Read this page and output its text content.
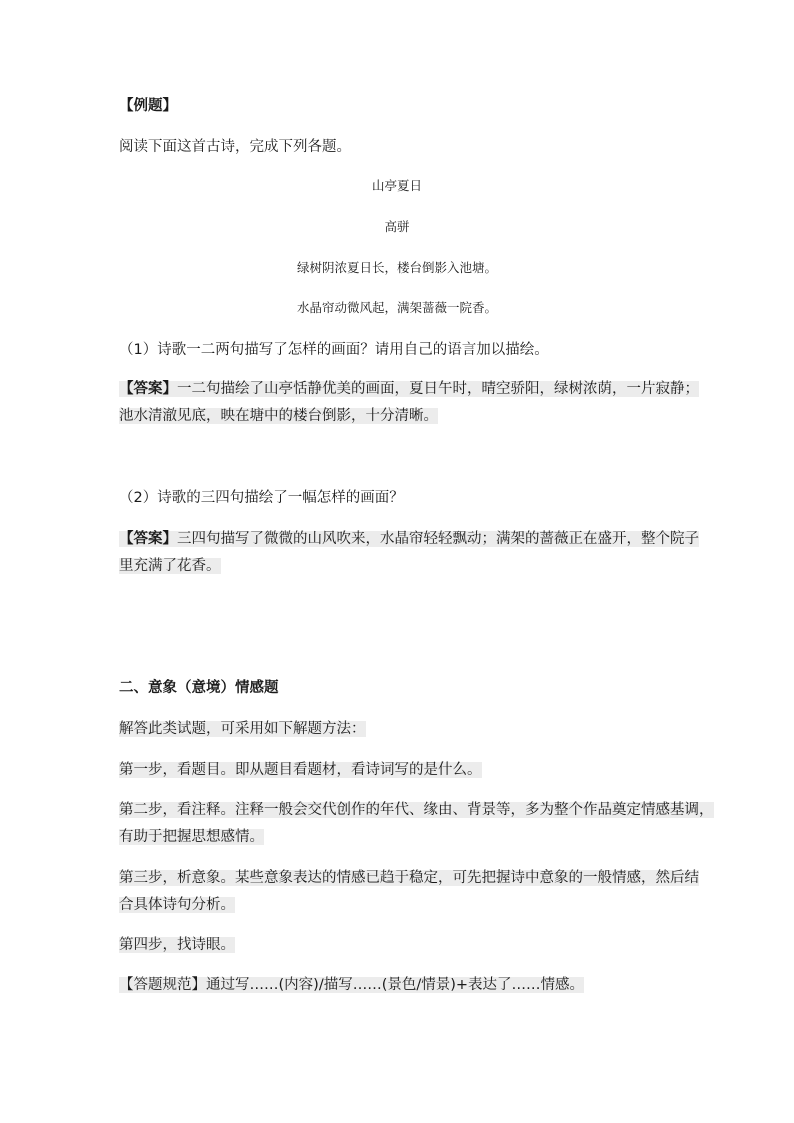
【例题】
阅读下面这首古诗，完成下列各题。
山亭夏日
高骈
绿树阴浓夏日长，楼台倒影入池塘。
水晶帘动微风起，满架蔷薇一院香。
（1）诗歌一二两句描写了怎样的画面？请用自己的语言加以描绘。
【答案】一二句描绘了山亭恬静优美的画面，夏日午时，晴空骄阳，绿树浓荫，一片寂静；
池水清澈见底，映在塘中的楼台倒影，十分清晰。
（2）诗歌的三四句描绘了一幅怎样的画面？
【答案】三四句描写了微微的山风吹来，水晶帘轻轻飘动；满架的蔷薇正在盛开，整个院子
里充满了花香。
二、意象（意境）情感题
解答此类试题，可采用如下解题方法：
第一步，看题目。即从题目看题材，看诗词写的是什么。
第二步，看注释。注释一般会交代创作的年代、缘由、背景等，多为整个作品奠定情感基调，
有助于把握思想感情。
第三步，析意象。某些意象表达的情感已趋于稳定，可先把握诗中意象的一般情感，然后结
合具体诗句分析。
第四步，找诗眼。
【答题规范】通过写……(内容)/描写……(景色/情景)+表达了……情感。
